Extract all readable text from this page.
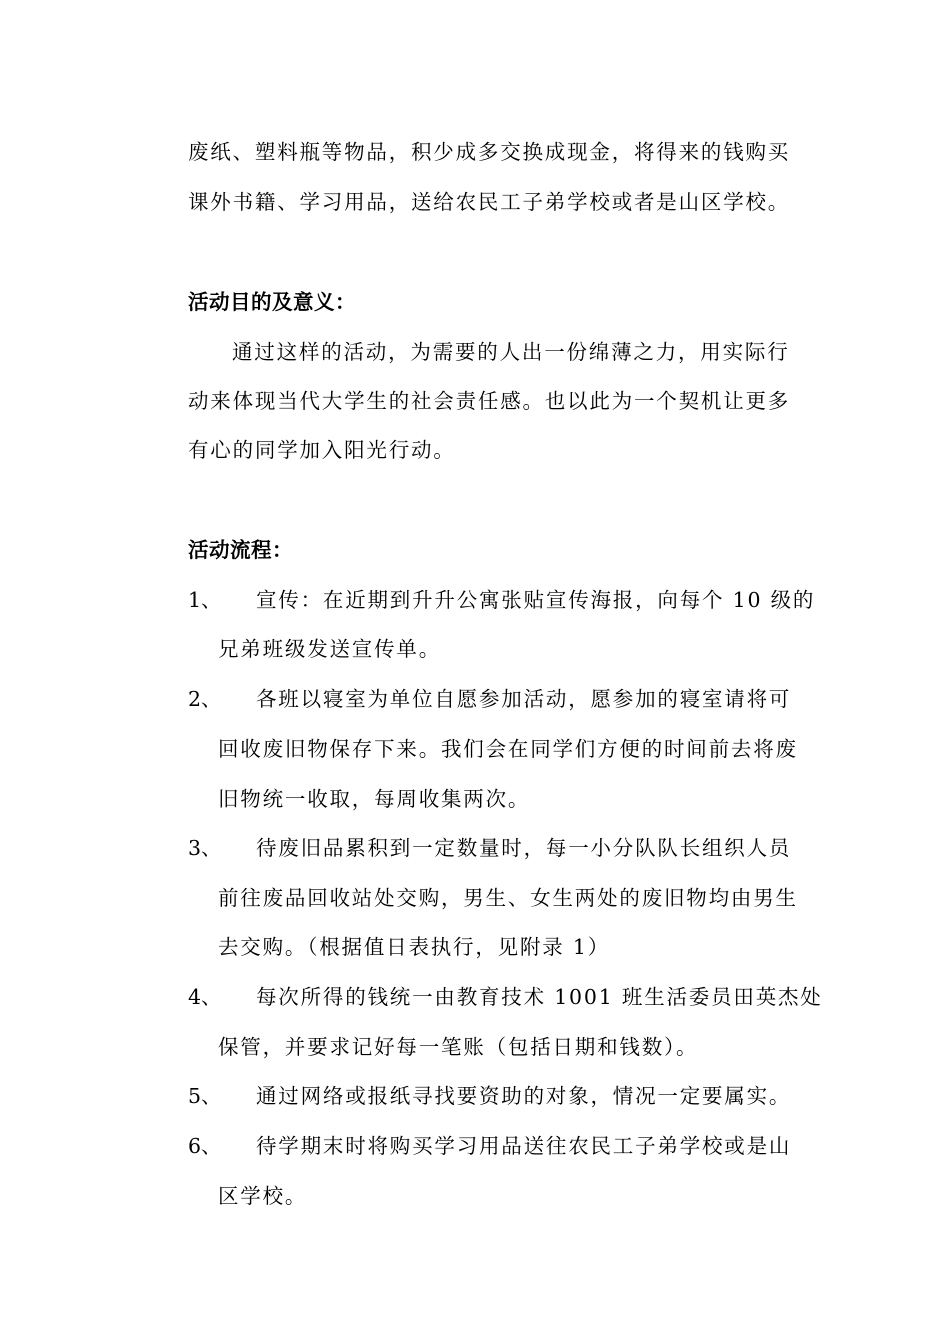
废纸、塑料瓶等物品，积少成多交换成现金，将得来的钱购买
课外书籍、学习用品，送给农民工子弟学校或者是山区学校。
活动目的及意义：
通过这样的活动，为需要的人出一份绵薄之力，用实际行
动来体现当代大学生的社会责任感。也以此为一个契机让更多
有心的同学加入阳光行动。
活动流程：
1、 宣传：在近期到升升公寓张贴宣传海报，向每个 10 级的
兄弟班级发送宣传单。
2、 各班以寝室为单位自愿参加活动，愿参加的寝室请将可
回收废旧物保存下来。我们会在同学们方便的时间前去将废
旧物统一收取，每周收集两次。
3、 待废旧品累积到一定数量时，每一小分队队长组织人员
前往废品回收站处交购，男生、女生两处的废旧物均由男生
去交购。（根据值日表执行，见附录 1）
4、 每次所得的钱统一由教育技术 1001 班生活委员田英杰处
保管，并要求记好每一笔账（包括日期和钱数）。
5、 通过网络或报纸寻找要资助的对象，情况一定要属实。
6、 待学期末时将购买学习用品送往农民工子弟学校或是山
区学校。
